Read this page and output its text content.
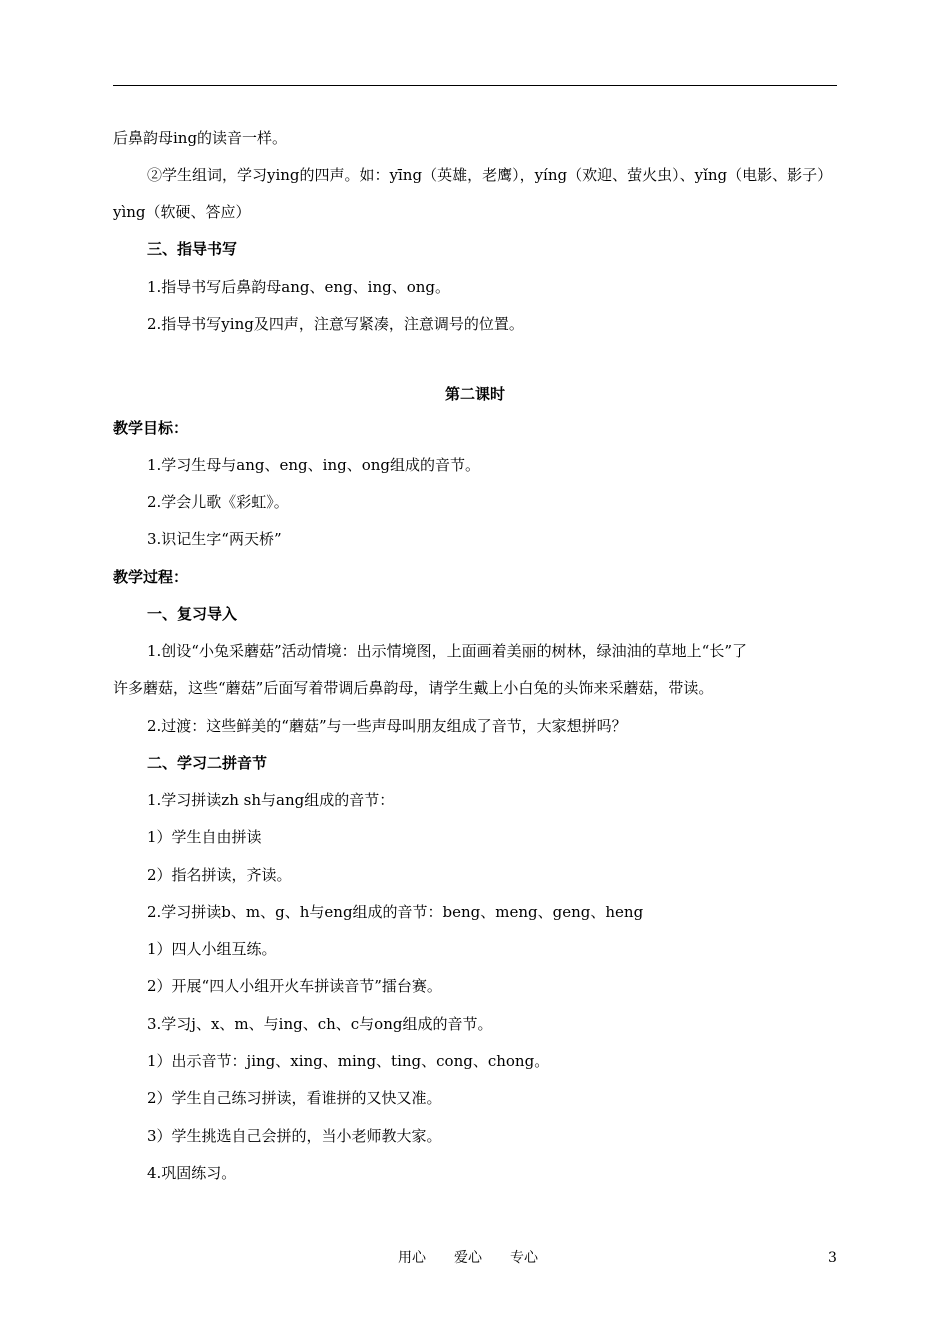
后鼻韵母ing的读音一样。
②学生组词，学习ying的四声。如：yīng（英雄，老鹰），yíng（欢迎、萤火虫）、yǐng（电影、影子）
yìng（软硬、答应）
三、指导书写
1.指导书写后鼻韵母ang、eng、ing、ong。
2.指导书写ying及四声，注意写紧凑，注意调号的位置。
第二课时
教学目标：
1.学习生母与ang、eng、ing、ong组成的音节。
2.学会儿歌《彩虹》。
3.识记生字“两天桥”
教学过程：
一、复习导入
1.创设“小兔采蘑菇”活动情境：出示情境图，上面画着美丽的树林，绿油油的草地上“长”了
许多蘑菇，这些“蘑菇”后面写着带调后鼻韵母，请学生戴上小白兔的头饰来采蘑菇，带读。
2.过渡：这些鲜美的“蘑菇”与一些声母叫朋友组成了音节，大家想拼吗？
二、学习二拼音节
1.学习拼读zh sh与ang组成的音节：
1）学生自由拼读
2）指名拼读，齐读。
2.学习拼读b、m、g、h与eng组成的音节：beng、meng、geng、heng
1）四人小组互练。
2）开展“四人小组开火车拼读音节”擂台赛。
3.学习j、x、m、与ing、ch、c与ong组成的音节。
1）出示音节：jing、xing、ming、ting、cong、chong。
2）学生自己练习拼读，看谁拼的又快又准。
3）学生挑选自己会拼的，当小老师教大家。
4.巩固练习。
用心　　爱心　　专心	3
